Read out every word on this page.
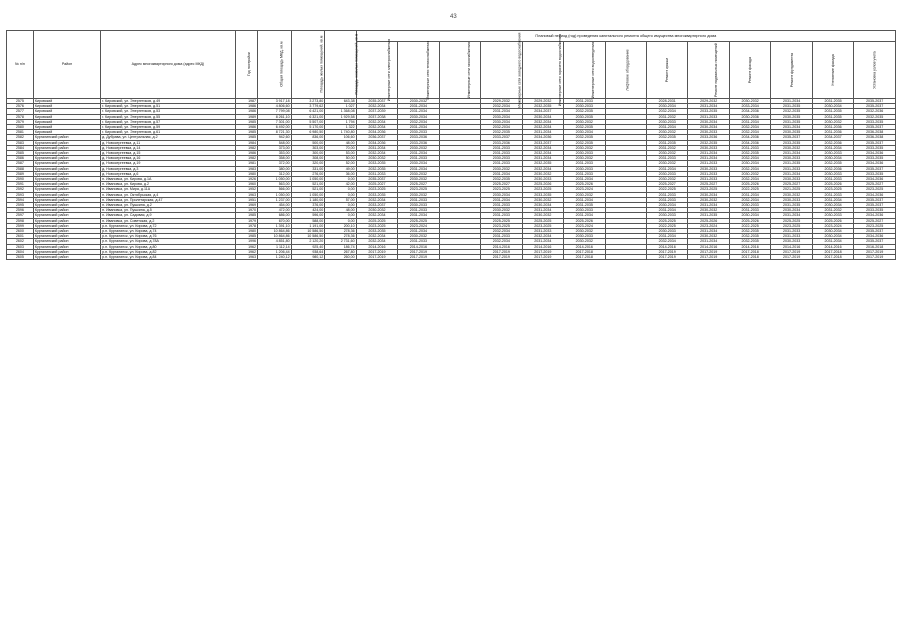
43
№ п/п	Район	Адрес многоквартирного дома (адрес МКД)	Год постройки	Общая площадь МКД, кв.м	Площадь жилых помещений, кв.м	Площадь нежилых помещений, кв.м	Плановый период (год) проведения капитального ремонта общего имущества многоквартирного дома												
							Инженерные сети электроснабжения	Инженерные сети теплоснабжения	Инженерные сети газоснабжения	Инженерные сети холодного водоснабжения	Инженерные сети горячего водоснабжения	Инженерные сети водоотведения	Лифтовое оборудование	Ремонт крыши	Ремонт подвальных помещений	Ремонт фасада	Ремонт фундамента	Утепление фасада	Установка узлов учета
2575	Кировский	г. Кировский, ул. Энергетиков, д.49	1987	3 917,18	3 273,80	643,38	2035-2037	2030-2032		2029-2032	2029-2032	2031-2033		2028-2031	2029-2032	2030-2032	2031-2034	2031-2035	2035-2037
2576	Кировский	г. Кировский, ул. Энергетиков, д.51	1986	4 806,60	3 779,62	1 027	2032-2034	2031-2034		2032-2034	2032-2035	2030-2033		2030-2034	2031-2034	2033-2034	2031-2035	2030-2034	2035-2037
2577	Кировский	г. Кировский, ул. Энергетиков, д.53	1986	7 799,08	6 421,00	1 368,08	2037-2039	2031-2034		2031-2034	2034-2037	2032-2035		2032-2034	2033-2035	2034-2036	2032-2035	2031-2035	2032-2036
2578	Кировский	г. Кировский, ул. Энергетиков, д.55	1989	8 261,10	6 321,00	1 929,58	2037-2038	2030-2034		2030-2034	2030-2034	2030-2035		2031-2032	2031-2033	2030-2036	2030-2035	2031-2035	2032-2035
2579	Кировский	г. Кировский, ул. Энергетиков, д.57	1985	7 301,00	5 507,00	1 794	2032-2034	2032-2034		2030-2034	2032-2034	2030-2032		2030-2033	2030-2034	2031-2034	2031-2035	2030-2032	2033-2035
2580	Кировский	г. Кировский, ул. Энергетиков, д.59	1986	6 492,00	5 170,00	1 322	2032-2034	2031-2034		2032-2034	2032-2034	2032-2035		2031-2034	2030-2034	2032-2034	2031-2034	2031-2036	2035-2037
2581	Кировский	г. Кировский, ул. Энергетиков, д.61	1985	8 721,30	6 980,50	1 740,80	2034-2036	2030-2033		2032-2035	2031-2034	2030-2034		2030-2032	2030-2033	2032-2034	2030-2035	2031-2036	2036-2038
2582	Кургалинский район	д. Дубрава, ул. Центральная, д.2	1985	942,60	836,00	106,60	2036-2037	2033-2036		2033-2037	2034-2036	2032-2035		2032-2035	2033-2036	2034-2036	2035-2037	2034-2037	2036-2038
2583	Кургалинский район	д. Новосергеевка, д.11	1984	548,00	500,00	48,00	2034-2036	2033-2036		2033-2036	2033-2037	2032-2035		2031-2035	2032-2035	2034-2036	2033-2035	2032-2036	2035-2037
2584	Кургалинский район	д. Новосергеевка, д.14	1982	373,00	303,00	70,00	2031-2034	2030-2032		2031-2033	2032-2034	2030-2032		2031-2032	2030-2033	2031-2033	2030-2032	2031-2034	2033-2035
2585	Кургалинский район	д. Новосергеевка, д.15	1986	353,00	300,00	53,00	2032-2034	2031-2034		2031-2033	2032-2034	2030-2033		2030-2032	2031-2034	2032-2035	2031-2034	2030-2033	2034-2036
2586	Кургалинский район	д. Новосергеевка, д.16	1982	358,00	308,00	50,00	2030-2032	2031-2033		2030-2033	2031-2034	2030-2032		2031-2033	2031-2034	2032-2034	2030-2033	2030-2034	2033-2035
2587	Кургалинский район	д. Новосергеевка, д.19	1981	372,00	320,00	52,00	2033-2035	2030-2034		2031-2033	2032-2035	2031-2033		2030-2032	2031-2033	2030-2034	2031-2035	2032-2035	2034-2036
2588	Кургалинский район	д. Новосергеевка, д.3	1983	380,00	331,00	49,00	2032-2035	2031-2034		2030-2032	2032-2034	2030-2033		2031-2034	2030-2033	2032-2034	2031-2033	2032-2036	2035-2037
2589	Кургалинский район	д. Новосергеевка, д.6	1980	312,00	276,00	36,00	2031-2033	2030-2032		2031-2034	2030-2032	2031-2033		2030-2033	2031-2033	2030-2032	2031-2034	2030-2033	2033-2035
2590	Кургалинский район	п. Ивановка, ул. Кирова, д.1А	1926	1 050,00	1 050,00	0,00	2035-2037	2030-2032		2032-2035	2030-2033	2031-2034		2030-2032	2031-2033	2032-2034	2030-2033	2031-2033	2034-2036
2591	Кургалинский район	п. Ивановка, ул. Кирова, д.2	1960	563,00	521,00	42,00	2025-2027	2025-2027		2025-2027	2025-2026	2025-2026		2025-2027	2025-2027	2025-2026	2025-2027	2025-2026	2025-2027
2592	Кургалинский район	п. Ивановка, ул. Мира, д.11А	1952	566,00	521,00	0,00	2023-2025	2023-2025		2023-2025	2023-2025	2023-2024		2022-2025	2023-2025	2022-2025	2021-2025	2023-2025	2023-2025
2593	Кургалинский район	п. Ивановка, ул. Октябрьская, д.4	1963	1 050,00	1 050,00	0,00	2033-2035	2030-2032		2030-2034	2033-2035	2030-2032		2031-2033	2030-2034	2031-2034	2030-2032	2031-2033	2034-2036
2594	Кургалинский район	п. Ивановка, ул. Пролетарская, д.47	1951	1 237,00	1 180,00	57,00	2032-2034	2031-2033		2031-2034	2030-2032	2031-2034		2031-2033	2030-2032	2032-2034	2030-2033	2031-2034	2035-2037
2595	Кургалинский район	п. Ивановка, ул. Пушкина, д.2	1969	454,00	376,00	0,00	2033-2037	2030-2033		2031-2033	2030-2034	2031-2035		2030-2034	2031-2034	2030-2033	2031-2035	2030-2034	2035-2037
2596	Кургалинский район	п. Ивановка, ул. Пушкина, д.5	1970	472,00	424,00	48,00	2030-2032	2031-2033		2030-2032	2031-2034	2030-2033		2031-2034	2030-2032	2031-2033	2030-2034	2031-2032	2033-2035
2597	Кургалинский район	п. Ивановка, ул. Садовая, д.9	1985	686,00	596,00	0,00	2032-2034	2031-2034		2031-2033	2030-2032	2031-2034		2030-2033	2031-2035	2030-2034	2031-2034	2030-2033	2034-2036
2598	Кургалинский район	п. Ивановка, ул. Советская, д.2	1979	670,00	588,00	0,00	2025-2025	2025-2025		2025-2025	2025-2025	2025-2026		2025-2025	2025-2026	2025-2026	2025-2025	2025-2026	2025-2027
2599	Кургалинский район	р.п. Кургалинск, ул. Кирова, д.72	1978	1 391,10	1 191,00	200,10	2023-2025	2023-2024		2023-2025	2023-2025	2023-2024		2022-2025	2023-2024	2022-2025	2023-2025	2023-2024	2023-2025
2600	Кургалинский район	р.п. Кургалинск, ул. Кирова, д.74	1980	10 864,86	10 586,50	278,36	2033-2035	2031-2034		2032-2034	2031-2033	2030-2032		2030-2033	2031-2034	2032-2035	2031-2033	2030-2034	2035-2037
2601	Кургалинский район	р.п. Кургалинск, ул. Кирова, д.76	1985	10 864,86	10 586,50	278,36	2032-2034	2030-2032		2031-2033	2032-2034	2030-2033		2031-2034	2030-2032	2032-2035	2031-2033	2030-2034	2034-2036
2602	Кургалинский район	р.п. Кургалинск, ул. Кирова, д.78А	1996	4 851,80	2 120,20	2 731,60	2032-2034	2031-2033		2032-2034	2031-2034	2030-2032		2032-2034	2031-2034	2032-2035	2030-2033	2031-2034	2035-2037
2603	Кургалинский район	р.п. Кургалинск, ул. Кирова, д.80	1962	1 112,14	925,40	186,74	2014-2016	2014-2016		2014-2016	2014-2016	2014-2016		2014-2016	2014-2016	2014-2016	2014-2016	2014-2016	2016-2018
2604	Кургалинский район	р.п. Кургалинск, ул. Кирова, д.82	1962	1 206,44	938,64	267,80	2017-2019	2017-2019		2017-2019	2017-2019	2017-2018		2017-2019	2017-2019	2017-2018	2017-2019	2017-2018	2017-2019
2605	Кургалинский район	р.п. Кургалинск, ул. Кирова, д.84	1963	1 240,12	980,12	260,00	2017-2019	2017-2019		2017-2019	2017-2019	2017-2018		2017-2019	2017-2019	2017-2018	2017-2019	2017-2018	2017-2019
